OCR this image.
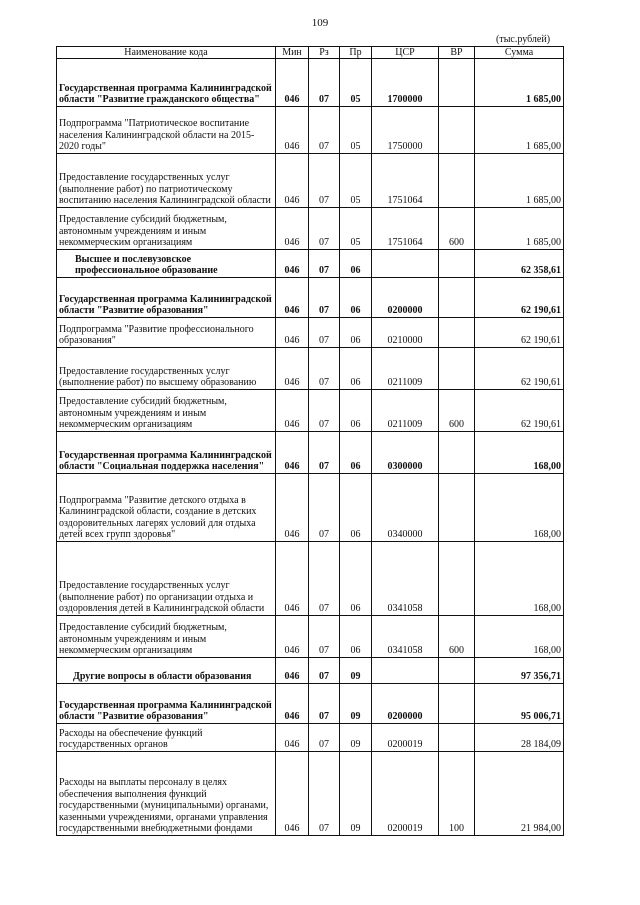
109
(тыс.рублей)
Наименование кода	Мин	Рз	Пр	ЦСР	ВР	Сумма
Государственная программа Калининградской области "Развитие гражданского общества"	046	07	05	1700000		1 685,00
Подпрограмма "Патриотическое воспитание населения Калининградской области на 2015-2020 годы"	046	07	05	1750000		1 685,00
Предоставление государственных услуг (выполнение работ) по патриотическому воспитанию населения Калининградской области	046	07	05	1751064		1 685,00
Предоставление субсидий бюджетным, автономным учреждениям и иным некоммерческим организациям	046	07	05	1751064	600	1 685,00
Высшее и послевузовское профессиональное образование	046	07	06			62 358,61
Государственная программа Калининградской области "Развитие образования"	046	07	06	0200000		62 190,61
Подпрограмма "Развитие профессионального образования"	046	07	06	0210000		62 190,61
Предоставление государственных услуг (выполнение работ) по высшему образованию	046	07	06	0211009		62 190,61
Предоставление субсидий бюджетным, автономным учреждениям и иным некоммерческим организациям	046	07	06	0211009	600	62 190,61
Государственная программа Калининградской области "Социальная поддержка населения"	046	07	06	0300000		168,00
Подпрограмма "Развитие детского отдыха в Калининградской области, создание в детских оздоровительных лагерях условий для отдыха детей всех групп здоровья"	046	07	06	0340000		168,00
Предоставление государственных услуг (выполнение работ) по организации отдыха и оздоровления детей в Калининградской области	046	07	06	0341058		168,00
Предоставление субсидий бюджетным, автономным учреждениям и иным некоммерческим организациям	046	07	06	0341058	600	168,00
Другие вопросы в области образования	046	07	09			97 356,71
Государственная программа Калининградской области "Развитие образования"	046	07	09	0200000		95 006,71
Расходы на обеспечение функций государственных органов	046	07	09	0200019		28 184,09
Расходы на выплаты персоналу в целях обеспечения выполнения функций государственными (муниципальными) органами, казенными учреждениями, органами управления государственными внебюджетными фондами	046	07	09	0200019	100	21 984,00
